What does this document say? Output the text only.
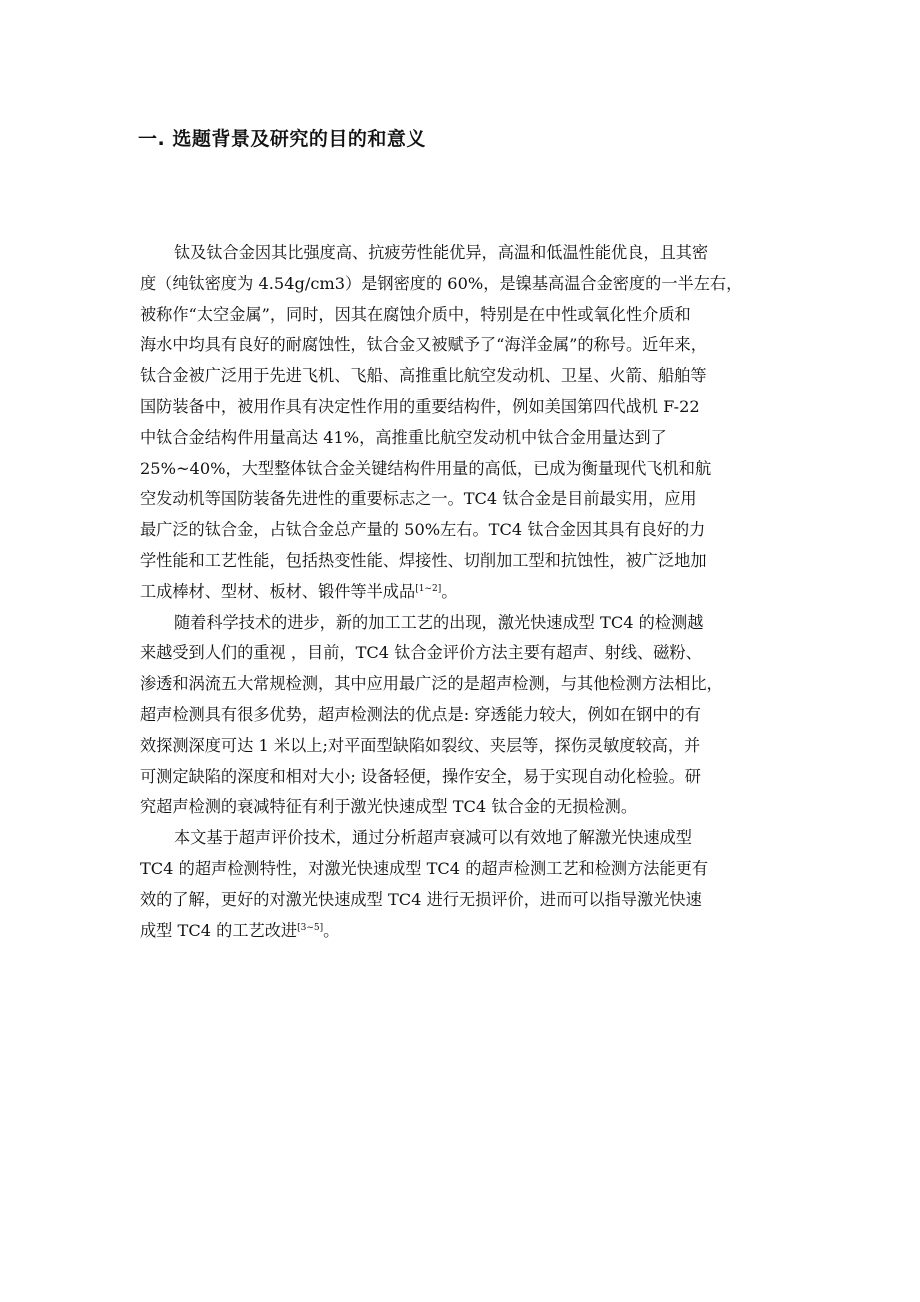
一. 选题背景及研究的目的和意义
钛及钛合金因其比强度高、抗疲劳性能优异，高温和低温性能优良，且其密
度（纯钛密度为 4.54g/cm3）是钢密度的 60%，是镍基高温合金密度的一半左右，
被称作“太空金属”，同时，因其在腐蚀介质中，特别是在中性或氧化性介质和
海水中均具有良好的耐腐蚀性，钛合金又被赋予了“海洋金属”的称号。近年来，
钛合金被广泛用于先进飞机、飞船、高推重比航空发动机、卫星、火箭、船舶等
国防装备中，被用作具有决定性作用的重要结构件，例如美国第四代战机 F-22
中钛合金结构件用量高达 41%，高推重比航空发动机中钛合金用量达到了
25%~40%，大型整体钛合金关键结构件用量的高低，已成为衡量现代飞机和航
空发动机等国防装备先进性的重要标志之一。TC4 钛合金是目前最实用，应用
最广泛的钛合金，占钛合金总产量的 50%左右。TC4 钛合金因其具有良好的力
学性能和工艺性能，包括热变性能、焊接性、切削加工型和抗蚀性，被广泛地加
工成棒材、型材、板材、锻件等半成品[1~2]。
随着科学技术的进步，新的加工工艺的出现，激光快速成型 TC4 的检测越
来越受到人们的重视 ，目前，TC4 钛合金评价方法主要有超声、射线、磁粉、
渗透和涡流五大常规检测，其中应用最广泛的是超声检测，与其他检测方法相比，
超声检测具有很多优势，超声检测法的优点是: 穿透能力较大，例如在钢中的有
效探测深度可达 1 米以上;对平面型缺陷如裂纹、夹层等，探伤灵敏度较高，并
可测定缺陷的深度和相对大小; 设备轻便，操作安全，易于实现自动化检验。研
究超声检测的衰减特征有利于激光快速成型 TC4 钛合金的无损检测。
本文基于超声评价技术，通过分析超声衰减可以有效地了解激光快速成型
TC4 的超声检测特性，对激光快速成型 TC4 的超声检测工艺和检测方法能更有
效的了解，更好的对激光快速成型 TC4 进行无损评价，进而可以指导激光快速
成型 TC4 的工艺改进[3~5]。
